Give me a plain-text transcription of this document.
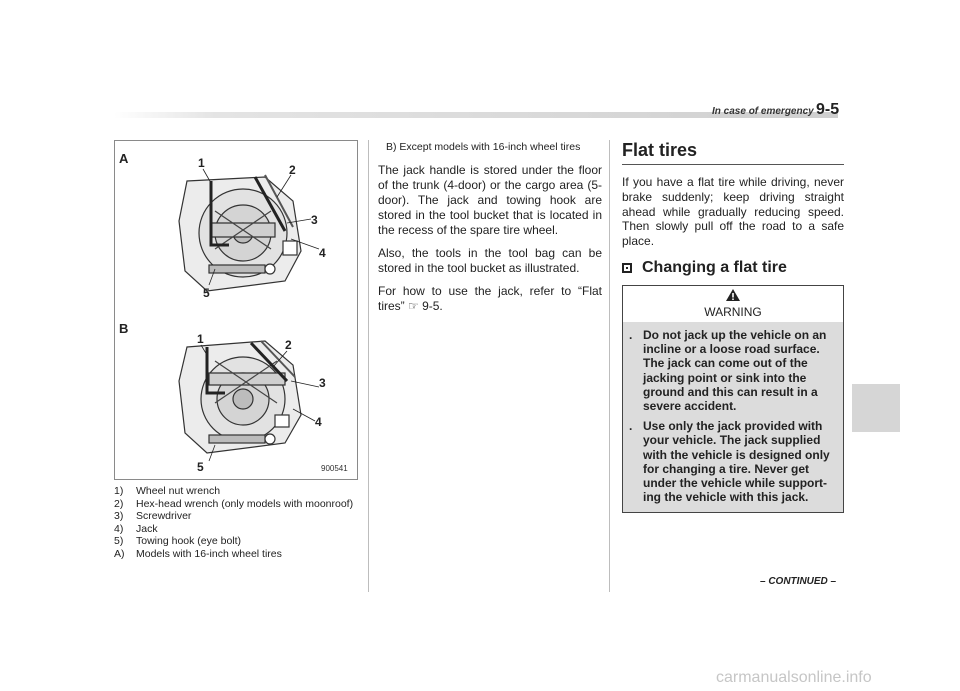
In case of emergency 9-5
A	1	2
3
4
5
B
1	2
3
4
5	900541
1)	Wheel nut wrench
2)	Hex-head wrench (only models with moonroof)
3)	Screwdriver
4)	Jack
5)	Towing hook (eye bolt)
A)	Models with 16-inch wheel tires
B) Except models with 16-inch wheel tires

The jack handle is stored under the floor of the trunk (4-door) or the cargo area (5-door). The jack and towing hook are stored in the tool bucket that is located in the recess of the spare tire wheel.

Also, the tools in the tool bag can be stored in the tool bucket as illustrated.

For how to use the jack, refer to “Flat tires” ☞ 9-5.

Flat tires

If you have a flat tire while driving, never brake suddenly; keep driving straight ahead while gradually reducing speed. Then slowly pull off the road to a safe place.

Changing a flat tire
WARNING
. Do not jack up the vehicle on an incline or a loose road surface. The jack can come out of the jacking point or sink into the ground and this can result in a severe accident.
. Use only the jack provided with your vehicle. The jack supplied with the vehicle is designed only for changing a tire. Never get under the vehicle while support-ing the vehicle with this jack.
– CONTINUED –
carmanualsonline.info
